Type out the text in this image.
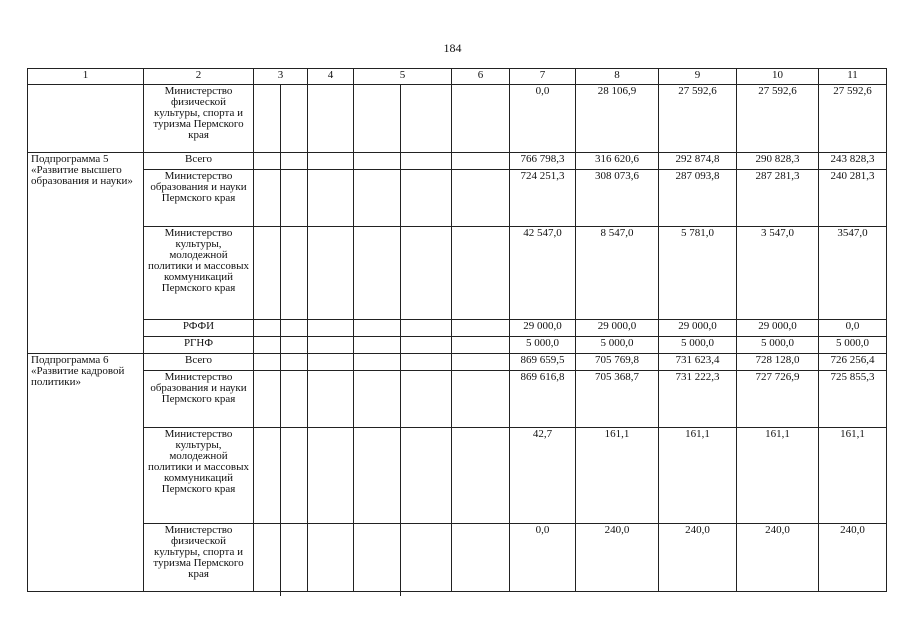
184
1	2	3	4	5	6	7	8	9	10	11
	Министерство физической культуры, спорта и туризма Пермского края					0,0	28 106,9	27 592,6	27 592,6	27 592,6
Подпрограмма 5 «Развитие высшего образования и науки»	Всего					766 798,3	316 620,6	292 874,8	290 828,3	243 828,3
	Министерство образования и науки Пермского края					724 251,3	308 073,6	287 093,8	287 281,3	240 281,3
	Министерство культуры, молодежной политики и массовых коммуникаций Пермского края					42 547,0	8 547,0	5 781,0	3 547,0	3547,0
	РФФИ					29 000,0	29 000,0	29 000,0	29 000,0	0,0
	РГНФ					5 000,0	5 000,0	5 000,0	5 000,0	5 000,0
Подпрограмма 6 «Развитие кадровой политики»	Всего					869 659,5	705 769,8	731 623,4	728 128,0	726 256,4
	Министерство образования и науки Пермского края					869 616,8	705 368,7	731 222,3	727 726,9	725 855,3
	Министерство культуры, молодежной политики и массовых коммуникаций Пермского края					42,7	161,1	161,1	161,1	161,1
	Министерство физической культуры, спорта и туризма Пермского края					0,0	240,0	240,0	240,0	240,0
